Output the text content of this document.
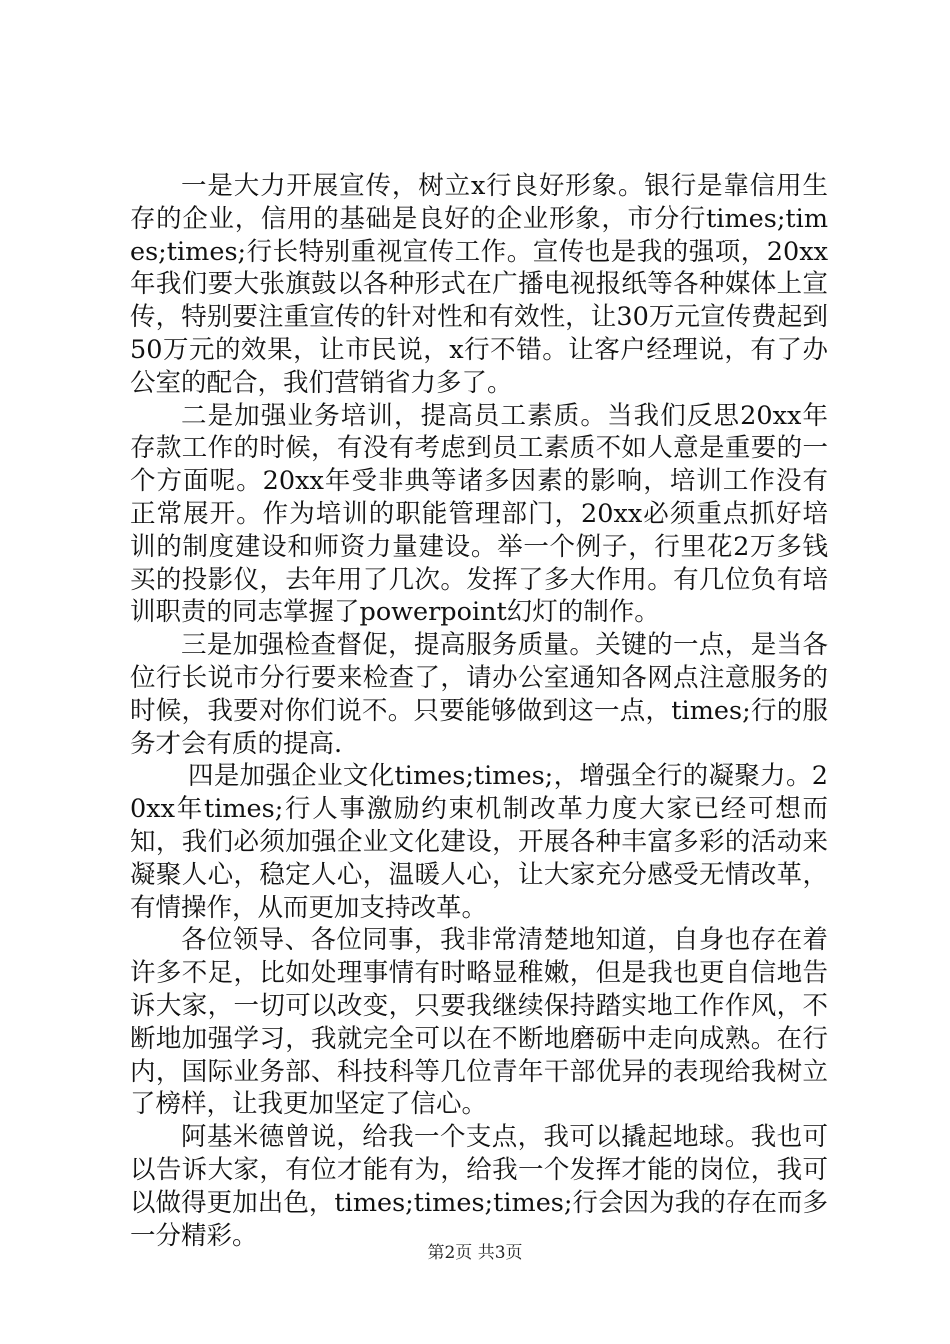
一是大力开展宣传，树立x行良好形象。银行是靠信用生存的企业，信用的基础是良好的企业形象，市分行times;times;times;行长特别重视宣传工作。宣传也是我的强项，20xx年我们要大张旗鼓以各种形式在广播电视报纸等各种媒体上宣传，特别要注重宣传的针对性和有效性，让30万元宣传费起到50万元的效果，让市民说，x行不错。让客户经理说，有了办公室的配合，我们营销省力多了。

二是加强业务培训，提高员工素质。当我们反思20xx年存款工作的时候，有没有考虑到员工素质不如人意是重要的一个方面呢。20xx年受非典等诸多因素的影响，培训工作没有正常展开。作为培训的职能管理部门，20xx必须重点抓好培训的制度建设和师资力量建设。举一个例子，行里花2万多钱买的投影仪，去年用了几次。发挥了多大作用。有几位负有培训职责的同志掌握了powerpoint幻灯的制作。

三是加强检查督促，提高服务质量。关键的一点，是当各位行长说市分行要来检查了，请办公室通知各网点注意服务的时候，我要对你们说不。只要能够做到这一点，times;行的服务才会有质的提高.

四是加强企业文化times;times;，增强全行的凝聚力。20xx年times;行人事激励约束机制改革力度大家已经可想而知，我们必须加强企业文化建设，开展各种丰富多彩的活动来凝聚人心，稳定人心，温暖人心，让大家充分感受无情改革，有情操作，从而更加支持改革。

各位领导、各位同事，我非常清楚地知道，自身也存在着许多不足，比如处理事情有时略显稚嫩，但是我也更自信地告诉大家，一切可以改变，只要我继续保持踏实地工作作风，不断地加强学习，我就完全可以在不断地磨砺中走向成熟。在行内，国际业务部、科技科等几位青年干部优异的表现给我树立了榜样，让我更加坚定了信心。

阿基米德曾说，给我一个支点，我可以撬起地球。我也可以告诉大家，有位才能有为，给我一个发挥才能的岗位，我可以做得更加出色，times;times;times;行会因为我的存在而多一分精彩。

第2页 共3页
